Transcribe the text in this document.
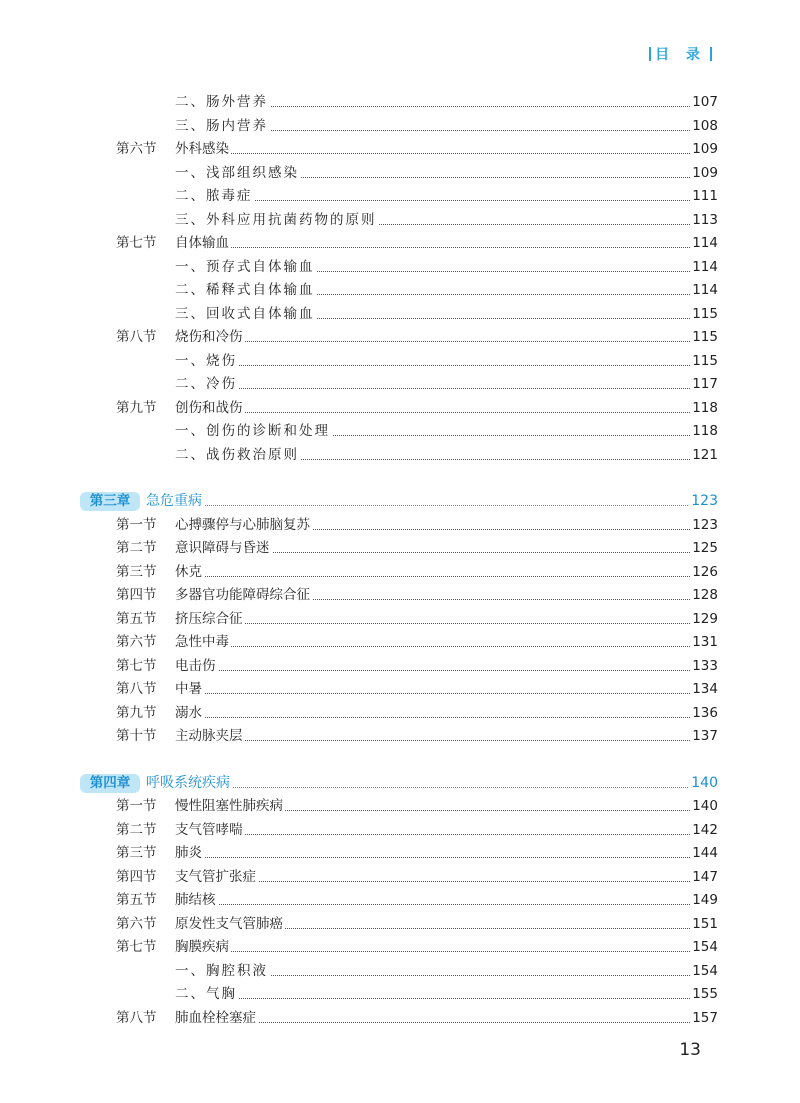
目 录
二、肠外营养	107
三、肠内营养	108
第六节 外科感染	109
一、浅部组织感染	109
二、脓毒症	111
三、外科应用抗菌药物的原则	113
第七节 自体输血	114
一、预存式自体输血	114
二、稀释式自体输血	114
三、回收式自体输血	115
第八节 烧伤和冷伤	115
一、烧伤	115
二、冷伤	117
第九节 创伤和战伤	118
一、创伤的诊断和处理	118
二、战伤救治原则	121
第三章	急危重病	123
第一节 心搏骤停与心肺脑复苏	123
第二节 意识障碍与昏迷	125
第三节 休克	126
第四节 多器官功能障碍综合征	128
第五节 挤压综合征	129
第六节 急性中毒	131
第七节 电击伤	133
第八节 中暑	134
第九节 溺水	136
第十节 主动脉夹层	137
第四章	呼吸系统疾病	140
第一节 慢性阻塞性肺疾病	140
第二节 支气管哮喘	142
第三节 肺炎	144
第四节 支气管扩张症	147
第五节 肺结核	149
第六节 原发性支气管肺癌	151
第七节 胸膜疾病	154
一、胸腔积液	154
二、气胸	155
第八节 肺血栓栓塞症	157
13
